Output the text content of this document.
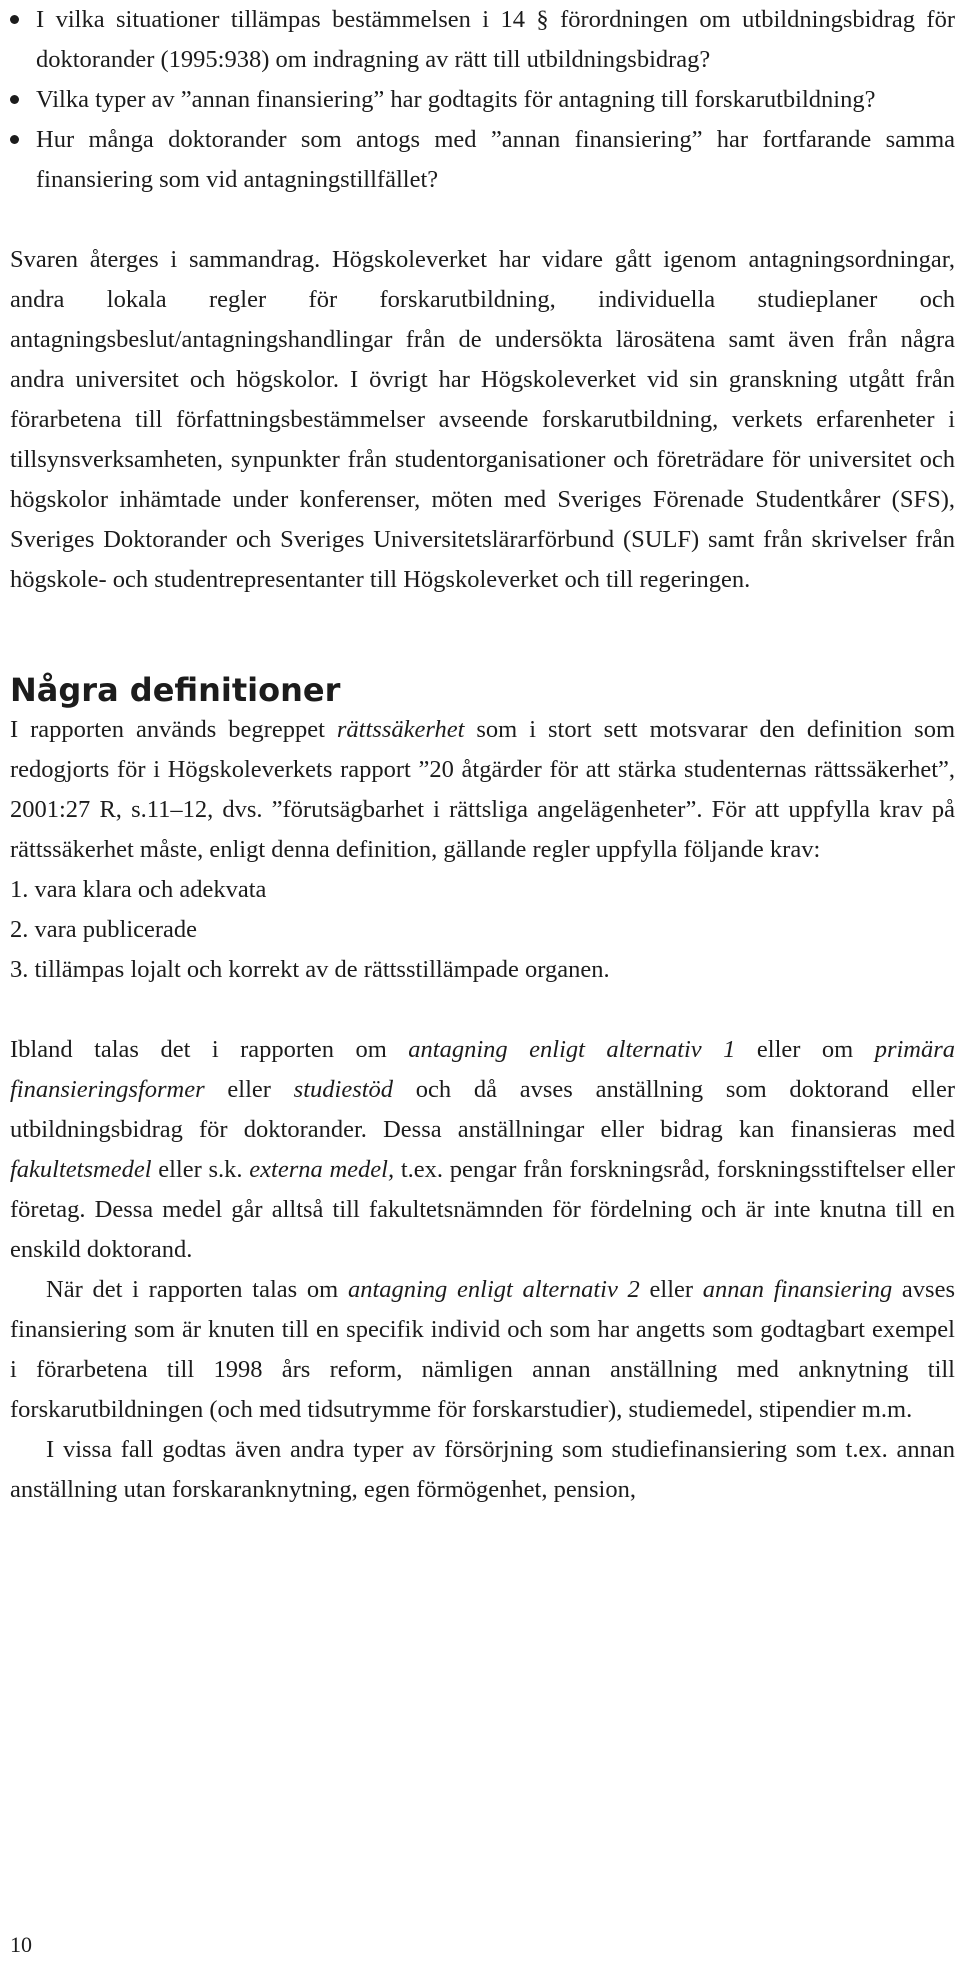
I vilka situationer tillämpas bestämmelsen i 14 § förordningen om utbildningsbidrag för doktorander (1995:938) om indragning av rätt till utbildningsbidrag?
Vilka typer av ”annan finansiering” har godtagits för antagning till forskarutbildning?
Hur många doktorander som antogs med ”annan finansiering” har fortfarande samma finansiering som vid antagningstillfället?

Svaren återges i sammandrag. Högskoleverket har vidare gått igenom antagningsordningar, andra lokala regler för forskarutbildning, individuella studieplaner och antagningsbeslut/antagningshandlingar från de undersökta lärosätena samt även från några andra universitet och högskolor. I övrigt har Högskoleverket vid sin granskning utgått från förarbetena till författningsbestämmelser avseende forskarutbildning, verkets erfarenheter i tillsynsverksamheten, synpunkter från studentorganisationer och företrädare för universitet och högskolor inhämtade under konferenser, möten med Sveriges Förenade Studentkårer (SFS), Sveriges Doktorander och Sveriges Universitetslärarförbund (SULF) samt från skrivelser från högskole- och studentrepresentanter till Högskoleverket och till regeringen.

Några definitioner

I rapporten används begreppet rättssäkerhet som i stort sett motsvarar den definition som redogjorts för i Högskoleverkets rapport ”20 åtgärder för att stärka studenternas rättssäkerhet”, 2001:27 R, s.11–12, dvs. ”förutsägbarhet i rättsliga angelägenheter”. För att uppfylla krav på rättssäkerhet måste, enligt denna definition, gällande regler uppfylla följande krav:

1. vara klara och adekvata
2. vara publicerade
3. tillämpas lojalt och korrekt av de rättsstillämpade organen.

Ibland talas det i rapporten om antagning enligt alternativ 1 eller om primära finansieringsformer eller studiestöd och då avses anställning som doktorand eller utbildningsbidrag för doktorander. Dessa anställningar eller bidrag kan finansieras med fakultetsmedel eller s.k. externa medel, t.ex. pengar från forskningsråd, forskningsstiftelser eller företag. Dessa medel går alltså till fakultetsnämnden för fördelning och är inte knutna till en enskild doktorand.

När det i rapporten talas om antagning enligt alternativ 2 eller annan finansiering avses finansiering som är knuten till en specifik individ och som har angetts som godtagbart exempel i förarbetena till 1998 års reform, nämligen annan anställning med anknytning till forskarutbildningen (och med tidsutrymme för forskarstudier), studiemedel, stipendier m.m.

I vissa fall godtas även andra typer av försörjning som studiefinansiering som t.ex. annan anställning utan forskaranknytning, egen förmögenhet, pension,

10
